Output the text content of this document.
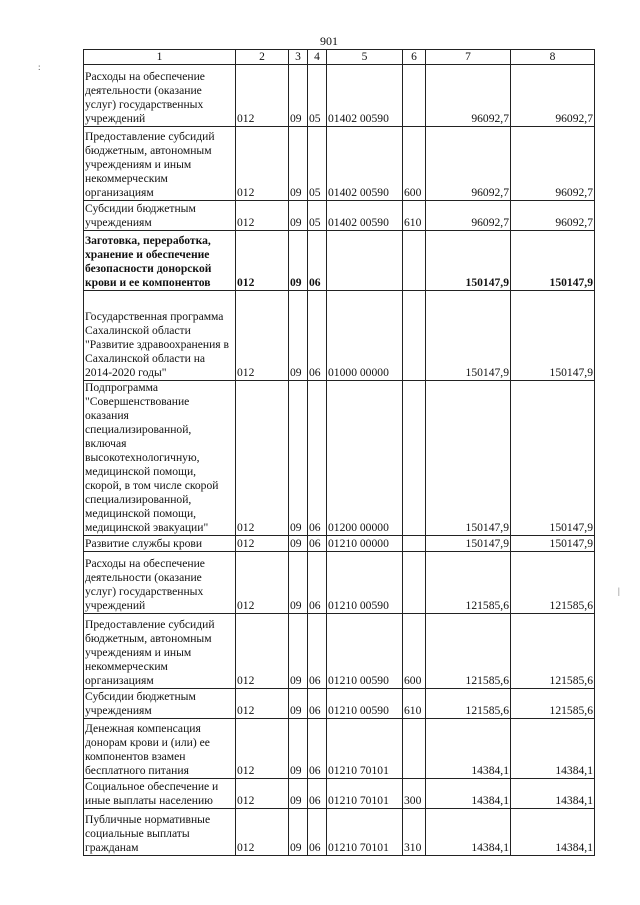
901
:
|
1	2	3	4	5	6	7	8
Расходы на обеспечение деятельности (оказание услуг) государственных учреждений	012	09	05	01402 00590		96092,7	96092,7
Предоставление субсидий бюджетным, автономным учреждениям и иным некоммерческим организациям	012	09	05	01402 00590	600	96092,7	96092,7
Субсидии бюджетным учреждениям	012	09	05	01402 00590	610	96092,7	96092,7
Заготовка, переработка, хранение и обеспечение безопасности донорской крови и ее компонентов	012	09	06			150147,9	150147,9
Государственная программа Сахалинской области "Развитие здравоохранения в Сахалинской области на 2014-2020 годы"	012	09	06	01000 00000		150147,9	150147,9
Подпрограмма "Совершенствование оказания специализированной, включая высокотехнологичную, медицинской помощи, скорой, в том числе скорой специализированной, медицинской помощи, медицинской эвакуации"	012	09	06	01200 00000		150147,9	150147,9
Развитие службы крови	012	09	06	01210 00000		150147,9	150147,9
Расходы на обеспечение деятельности (оказание услуг) государственных учреждений	012	09	06	01210 00590		121585,6	121585,6
Предоставление субсидий бюджетным, автономным учреждениям и иным некоммерческим организациям	012	09	06	01210 00590	600	121585,6	121585,6
Субсидии бюджетным учреждениям	012	09	06	01210 00590	610	121585,6	121585,6
Денежная компенсация донорам крови и (или) ее компонентов взамен бесплатного питания	012	09	06	01210 70101		14384,1	14384,1
Социальное обеспечение и иные выплаты населению	012	09	06	01210 70101	300	14384,1	14384,1
Публичные нормативные социальные выплаты гражданам	012	09	06	01210 70101	310	14384,1	14384,1
